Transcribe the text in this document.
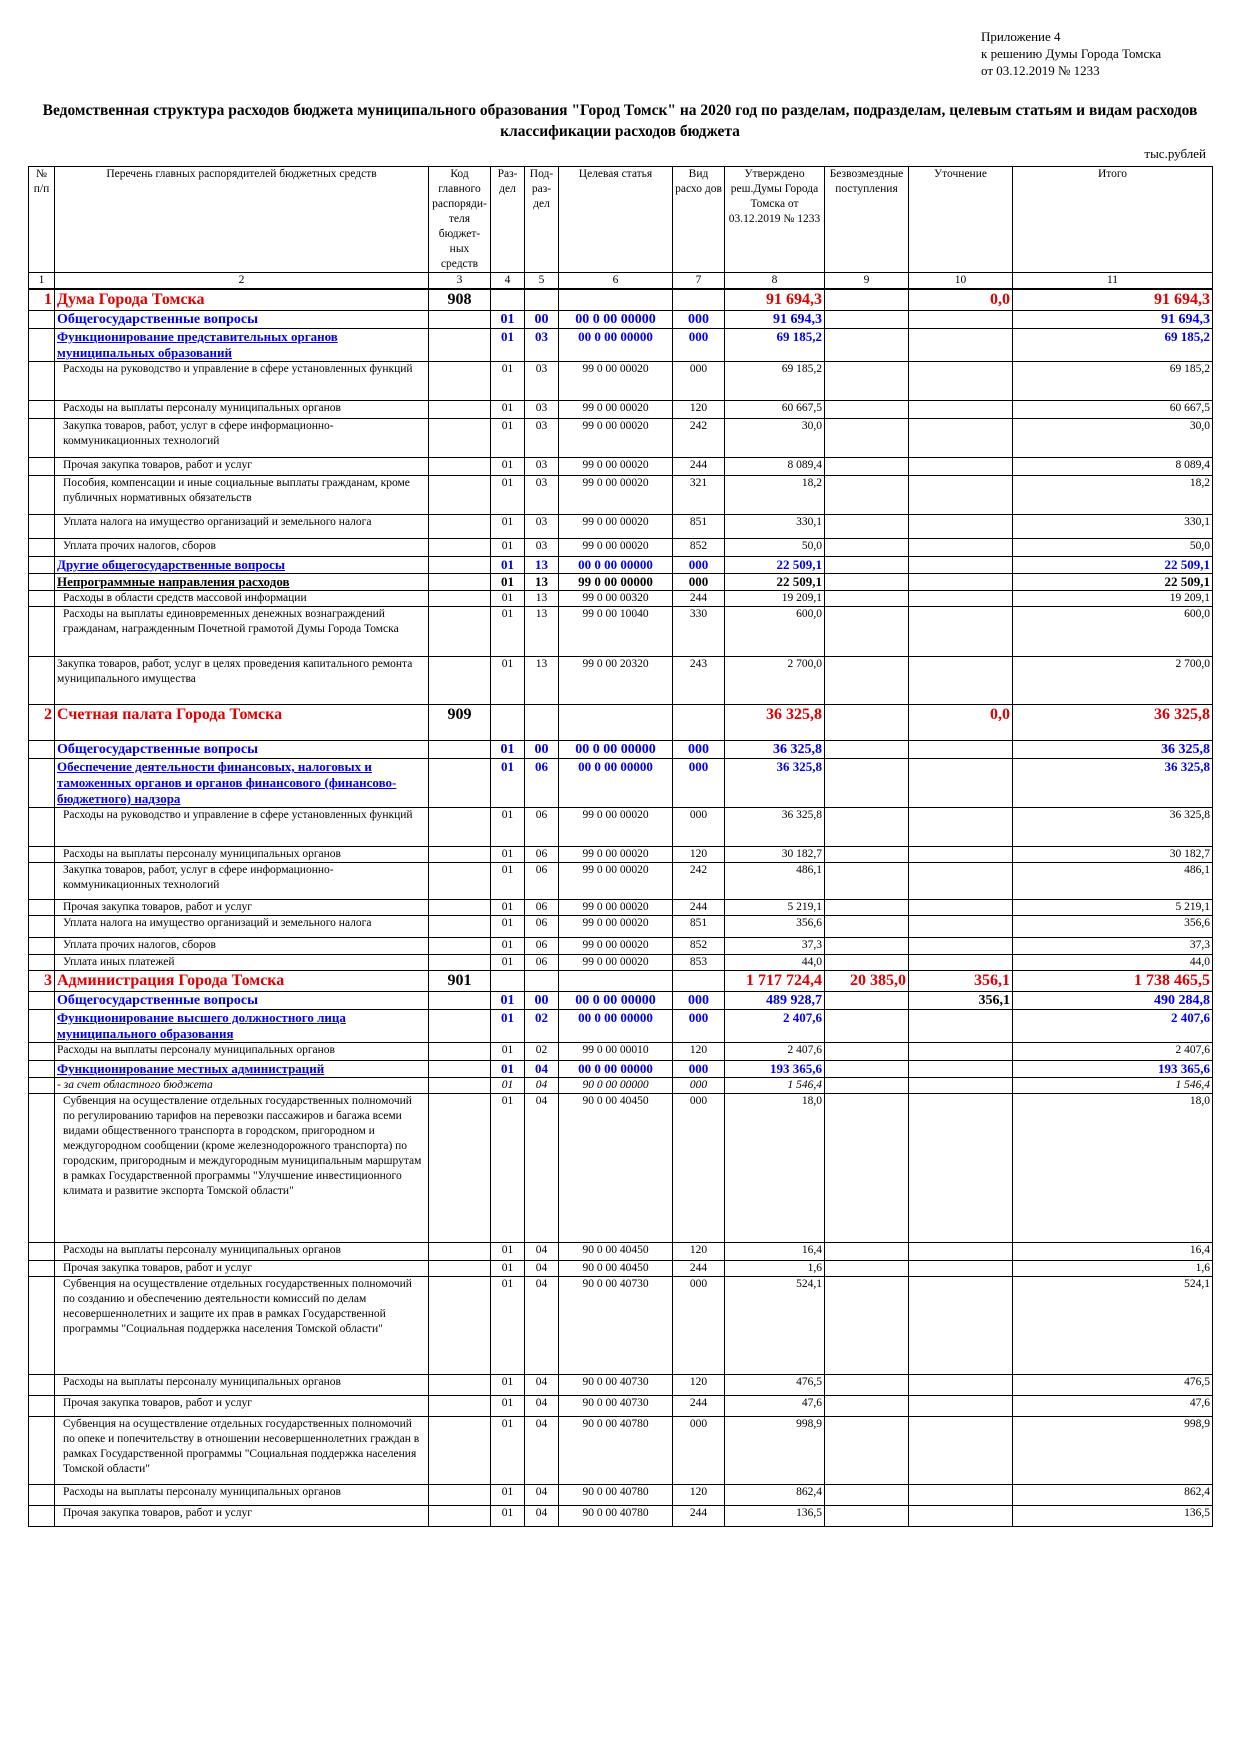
Приложение 4
к решению Думы Города Томска
от 03.12.2019 № 1233
Ведомственная структура расходов бюджета муниципального образования "Город Томск" на 2020 год по разделам, подразделам, целевым статьям и видам расходов классификации расходов бюджета
тыс.рублей
№ п/п	Перечень главных распорядителей бюджетных средств	Код главного распоряди- теля бюджет- ных средств	Раз- дел	Под- раз- дел	Целевая статья	Вид расхо дов	Утверждено реш.Думы Города Томска от 03.12.2019 № 1233	Безвозмездные поступления	Уточнение	Итого
1	2	3	4	5	6	7	8	9	10	11
1	Дума Города Томска	908					91 694,3		0,0	91 694,3
	Общегосударственные вопросы		01	00	00 0 00 00000	000	91 694,3			91 694,3
	Функционирование представительных органов муниципальных образований		01	03	00 0 00 00000	000	69 185,2			69 185,2
	Расходы на руководство и управление в сфере установленных функций		01	03	99 0 00 00020	000	69 185,2			69 185,2
	Расходы на выплаты персоналу муниципальных органов		01	03	99 0 00 00020	120	60 667,5			60 667,5
	Закупка товаров, работ, услуг в сфере информационно-коммуникационных технологий		01	03	99 0 00 00020	242	30,0			30,0
	Прочая закупка товаров, работ и услуг		01	03	99 0 00 00020	244	8 089,4			8 089,4
	Пособия, компенсации и иные социальные выплаты гражданам, кроме публичных нормативных обязательств		01	03	99 0 00 00020	321	18,2			18,2
	Уплата налога на имущество организаций и земельного налога		01	03	99 0 00 00020	851	330,1			330,1
	Уплата прочих налогов, сборов		01	03	99 0 00 00020	852	50,0			50,0
	Другие общегосударственные вопросы		01	13	00 0 00 00000	000	22 509,1			22 509,1
	Непрограммные направления расходов		01	13	99 0 00 00000	000	22 509,1			22 509,1
	Расходы в области средств массовой информации		01	13	99 0 00 00320	244	19 209,1			19 209,1
	Расходы на выплаты единовременных денежных вознаграждений гражданам, награжденным Почетной грамотой Думы Города Томска		01	13	99 0 00 10040	330	600,0			600,0
	Закупка товаров, работ, услуг в целях проведения капитального ремонта муниципального имущества		01	13	99 0 00 20320	243	2 700,0			2 700,0
2	Счетная палата Города Томска	909					36 325,8		0,0	36 325,8
	Общегосударственные вопросы		01	00	00 0 00 00000	000	36 325,8			36 325,8
	Обеспечение деятельности финансовых, налоговых и таможенных органов и органов финансового (финансово-бюджетного) надзора		01	06	00 0 00 00000	000	36 325,8			36 325,8
	Расходы на руководство и управление в сфере установленных функций		01	06	99 0 00 00020	000	36 325,8			36 325,8
	Расходы на выплаты персоналу муниципальных органов		01	06	99 0 00 00020	120	30 182,7			30 182,7
	Закупка товаров, работ, услуг в сфере информационно-коммуникационных технологий		01	06	99 0 00 00020	242	486,1			486,1
	Прочая закупка товаров, работ и услуг		01	06	99 0 00 00020	244	5 219,1			5 219,1
	Уплата налога на имущество организаций и земельного налога		01	06	99 0 00 00020	851	356,6			356,6
	Уплата прочих налогов, сборов		01	06	99 0 00 00020	852	37,3			37,3
	Уплата иных платежей		01	06	99 0 00 00020	853	44,0			44,0
3	Администрация Города Томска	901					1 717 724,4	20 385,0	356,1	1 738 465,5
	Общегосударственные вопросы		01	00	00 0 00 00000	000	489 928,7		356,1	490 284,8
	Функционирование высшего должностного лица муниципального образования		01	02	00 0 00 00000	000	2 407,6			2 407,6
	Расходы на выплаты персоналу муниципальных органов		01	02	99 0 00 00010	120	2 407,6			2 407,6
	Функционирование местных администраций		01	04	00 0 00 00000	000	193 365,6			193 365,6
	- за счет областного бюджета		01	04	90 0 00 00000	000	1 546,4			1 546,4
	Субвенция на осуществление отдельных государственных полномочий по регулированию тарифов на перевозки пассажиров и багажа всеми видами общественного транспорта в городском, пригородном и междугородном сообщении (кроме железнодорожного транспорта) по городским, пригородным и междугородным муниципальным маршрутам в рамках Государственной программы "Улучшение инвестиционного климата и развитие экспорта Томской области"		01	04	90 0 00 40450	000	18,0			18,0
	Расходы на выплаты персоналу муниципальных органов		01	04	90 0 00 40450	120	16,4			16,4
	Прочая закупка товаров, работ и услуг		01	04	90 0 00 40450	244	1,6			1,6
	Субвенция на осуществление отдельных государственных полномочий по созданию и обеспечению деятельности комиссий по делам несовершеннолетних и защите их прав в рамках Государственной программы "Социальная поддержка населения Томской области"		01	04	90 0 00 40730	000	524,1			524,1
	Расходы на выплаты персоналу муниципальных органов		01	04	90 0 00 40730	120	476,5			476,5
	Прочая закупка товаров, работ и услуг		01	04	90 0 00 40730	244	47,6			47,6
	Субвенция на осуществление отдельных государственных полномочий по опеке и попечительству в отношении несовершеннолетних граждан в рамках Государственной программы "Социальная поддержка населения Томской области"		01	04	90 0 00 40780	000	998,9			998,9
	Расходы на выплаты персоналу муниципальных органов		01	04	90 0 00 40780	120	862,4			862,4
	Прочая закупка товаров, работ и услуг		01	04	90 0 00 40780	244	136,5			136,5
